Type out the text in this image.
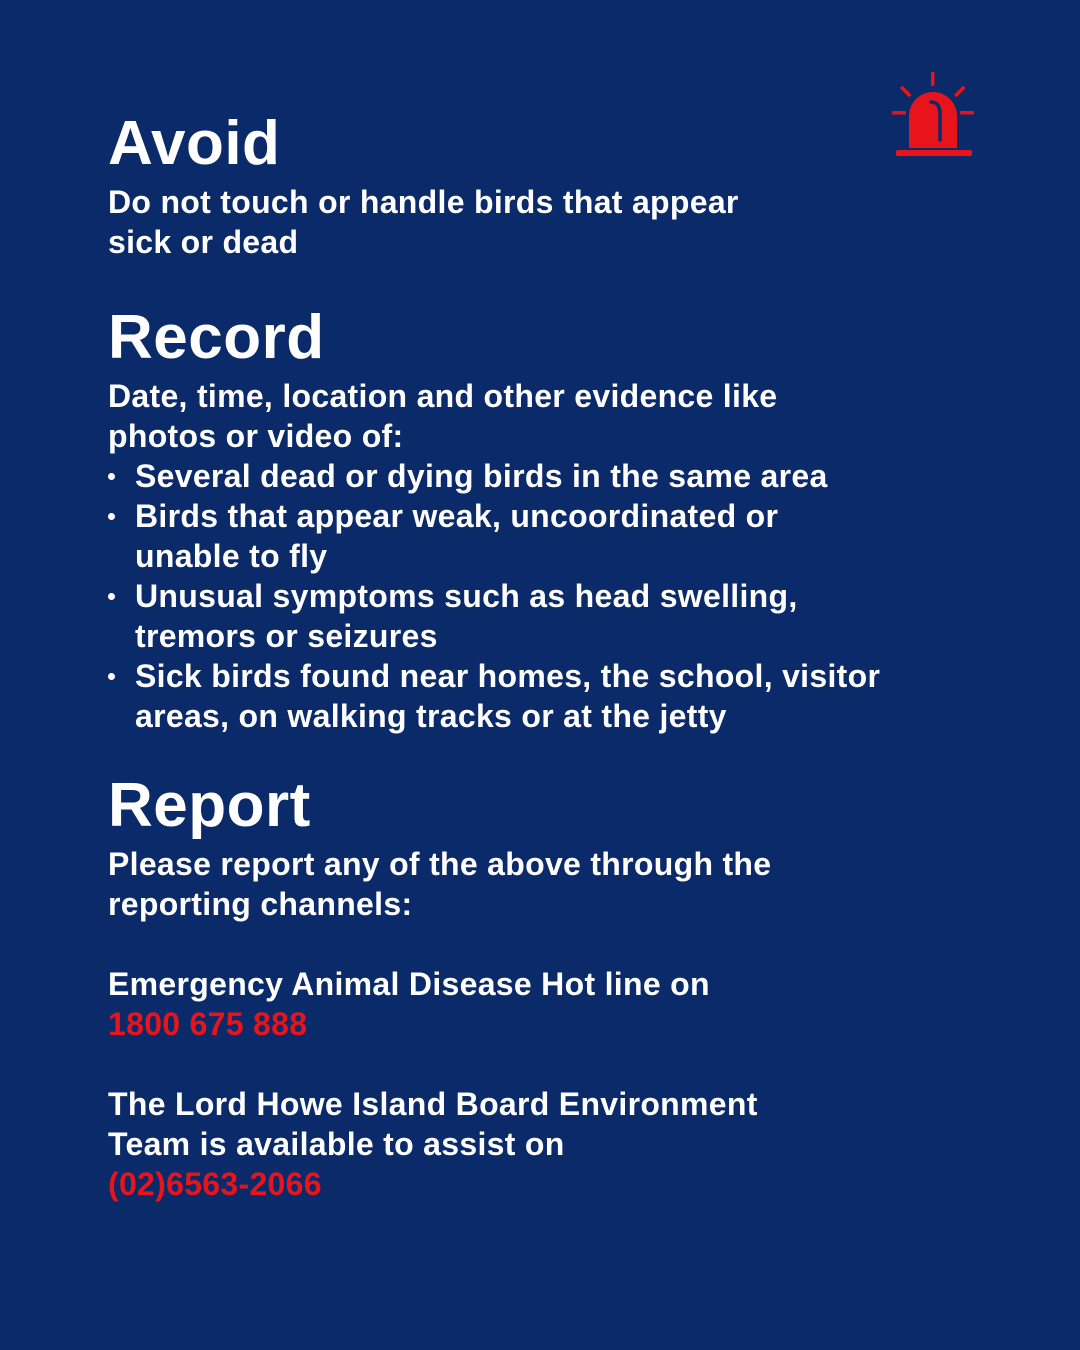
Avoid

Do not touch or handle birds that appear

sick or dead

Record

Date, time, location and other evidence like

photos or video of:

Several dead or dying birds in the same area
Birds that appear weak, uncoordinated or
unable to fly
Unusual symptoms such as head swelling,
tremors or seizures
Sick birds found near homes, the school, visitor
areas, on walking tracks or at the jetty
Report

Please report any of the above through the

reporting channels:

Emergency Animal Disease Hot line on

1800 675 888

The Lord Howe Island Board Environment

Team is available to assist on

(02)6563-2066
